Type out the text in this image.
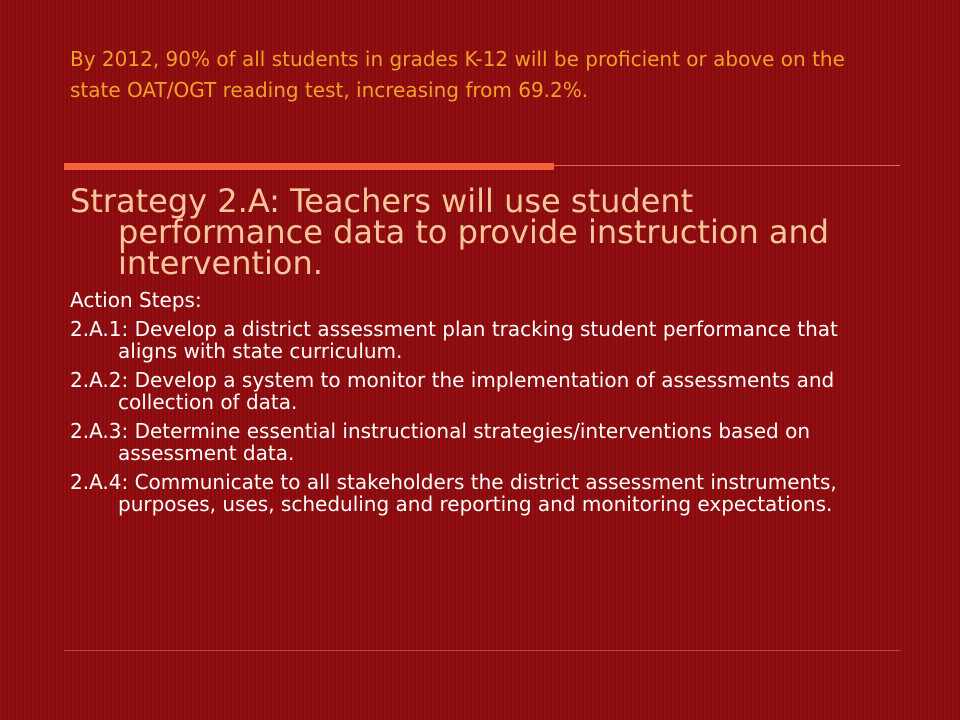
By 2012, 90% of all students in grades K-12 will be proficient or above on the state OAT/OGT reading test, increasing from 69.2%.

Strategy 2.A: Teachers will use student performance data to provide instruction and intervention.

Action Steps:

2.A.1: Develop a district assessment plan tracking student performance that aligns with state curriculum.
2.A.2: Develop a system to monitor the implementation of assessments and collection of data.
2.A.3: Determine essential instructional strategies/interventions based on assessment data.
2.A.4: Communicate to all stakeholders the district assessment instruments, purposes, uses, scheduling and reporting and monitoring expectations.
